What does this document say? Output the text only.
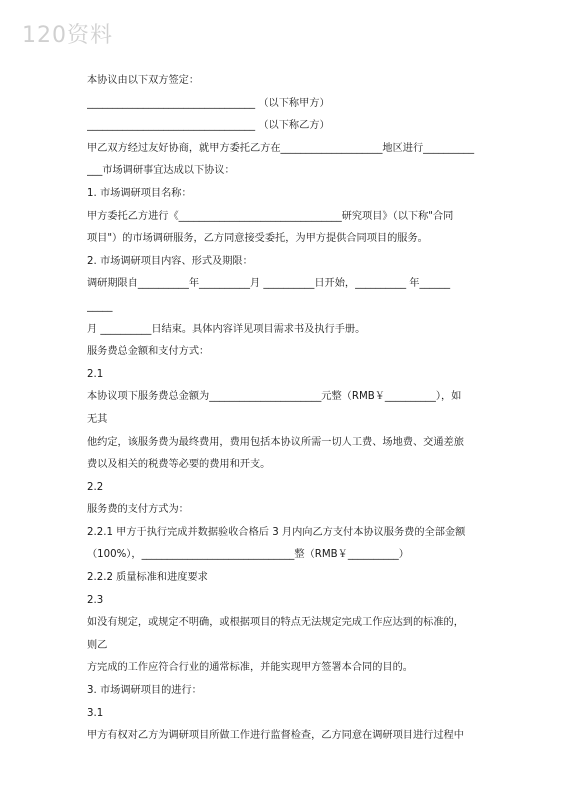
120资料
本协议由以下双方签定：
_________________________________ （以下称甲方）
_________________________________ （以下称乙方）
甲乙双方经过友好协商，就甲方委托乙方在____________________地区进行__________
___市场调研事宜达成以下协议：
1. 市场调研项目名称：
甲方委托乙方进行《________________________________研究项目》（以下称"合同
项目"）的市场调研服务，乙方同意接受委托，为甲方提供合同项目的服务。
2. 市场调研项目内容、形式及期限：
调研期限自__________年__________月 __________日开始，__________ 年______
_____
月 __________日结束。具体内容详见项目需求书及执行手册。
服务费总金额和支付方式：
2.1
本协议项下服务费总金额为______________________元整（RMB￥__________），如
无其
他约定，该服务费为最终费用，费用包括本协议所需一切人工费、场地费、交通差旅
费以及相关的税费等必要的费用和开支。
2.2
服务费的支付方式为：
2.2.1 甲方于执行完成并数据验收合格后 3 月内向乙方支付本协议服务费的全部金额
（100%），______________________________整（RMB￥__________）
2.2.2 质量标准和进度要求
2.3
如没有规定，或规定不明确，或根据项目的特点无法规定完成工作应达到的标准的，
则乙
方完成的工作应符合行业的通常标准，并能实现甲方签署本合同的目的。
3. 市场调研项目的进行：
3.1
甲方有权对乙方为调研项目所做工作进行监督检查，乙方同意在调研项目进行过程中
